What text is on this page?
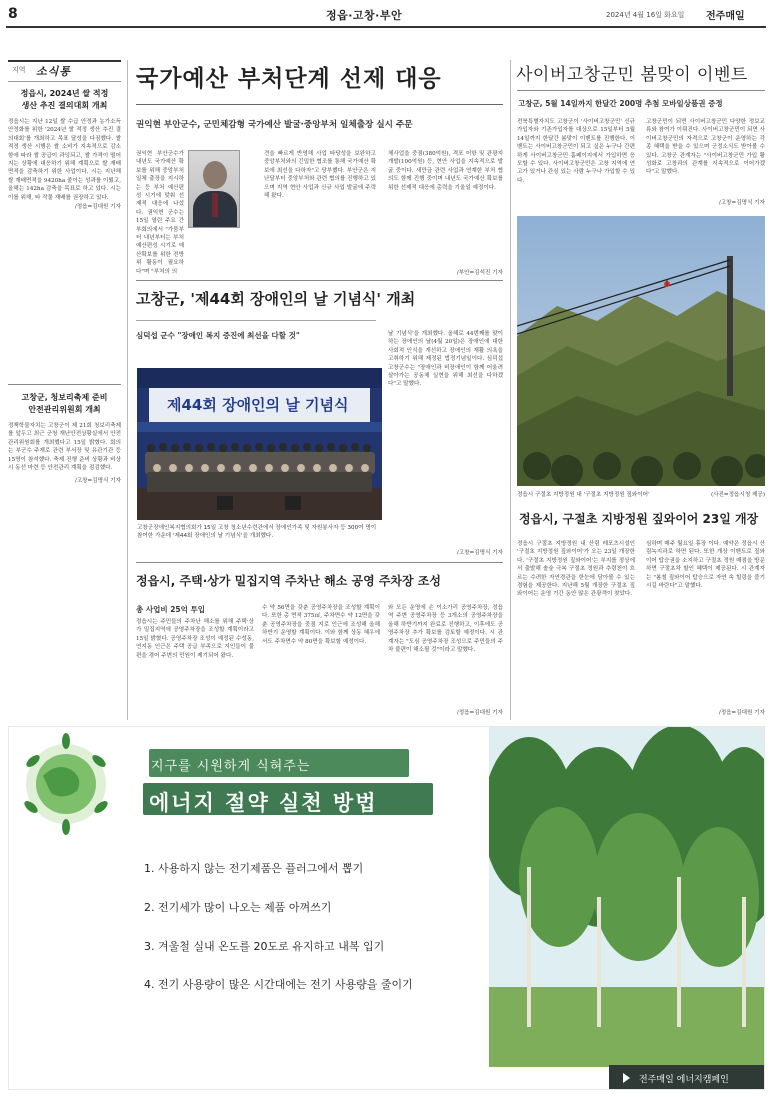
8	정읍·고창·부안	2024년 4월 16일 화요일 전주매일
지역 소식통
정읍시, 2024년 쌀 적정
생산 추진 결의대회 개최
정읍시는 지난 12일 쌀 수급 안정과 농가소득 안정화를 위한 '2024년 쌀 적정 생산 추진 결의대회'를 개최하고 목표 달성을 다짐했다. 쌀 적정 생산 시행은 쌀 소비가 지속적으로 감소함에 따라 쌀 공급이 과잉되고, 쌀 가격이 떨어지는 상황에 대응하기 위해 계획으로 쌀 재배면적을 감축하기 위한 사업이다. 시는 지난해 쌀 재배면적을 9420ha 줄이는 성과를 이뤘고, 올해는 142ha 감축을 목표로 하고 있다. 시는 이를 위해, 타 작물 재배를 권장하고 있다.
/정읍=김대원 기자
고창군, 청보리축제 준비
안전관리위원회 개최
정책학물자치는 고창군이 제 21회 청보리축제를 앞두고 최근 군청 재난안전상황실에서 안전관리위원회를 개최했다고 15일 밝혔다. 회의는 부군수 주재로 관련 부서장 및 유관기관 등 15명이 참석했다. 축제 진행 준비 상황과 비상 시 동선 마련 등 안전관리 계획을 점검했다.
/고창=김명식 기자
국가예산 부처단계 선제 대응
권익현 부안군수, 군민체감형 국가예산 발굴·중앙부처 일체출장 실시 주문
권익현 부안군수가 내년도 국가예산 확보를 위해 중앙부처 일체 출장을 지시하는 등 부처 예산편성 시기에 맞춰 선제적 대응에 나섰다. 권익현 군수는 15일 열린 주요 간부회의에서 "가뭄부터 내년부터는 부처 예산편성 시기로 예산확보를 위한 전방위 활동이 필요하다"며 "부처의 의
견을 빠르게 반영해 사업 타당성을 보완하고 중앙부처와의 긴밀한 협조를 통해 국가예산 확보에 최선을 다하자"고 당부했다. 부안군은 지난달부터 중앙부처와 관련 협의를 진행하고 있으며 지역 현안 사업과 신규 사업 발굴에 주력해 왔다.
체사업을 중점(380억원), 격포 어항 및 관광지 개발(100억원) 등, 현안 사업을 지속적으로 발굴 중이다. 새만금 관련 사업과 연계한 부처 협의도 함께 진행 중이며 내년도 국가예산 확보를 위한 선제적 대응에 총력을 기울일 예정이다.
/부안=김석진 기자
고창군, '제44회 장애인의 날 기념식' 개최
심덕섭 군수 "장애인 복지 증진에 최선을 다할 것"
제44회 장애인의 날 기념식
고창군장애인복지협의회가 15일 고창 청소년수련관에서 장애인가족 및 자원봉사자 등 300여 명이 참여한 가운데 '제44회 장애인의 날 기념식'을 개최했다.
날 기념식'을 개최했다. 올해로 44번째를 맞이하는 장애인의 날(4월 20일)은 장애인에 대한 사회적 인식을 개선하고 장애인의 재활 의욕을 고취하기 위해 제정된 법정기념일이다. 심덕섭 고창군수는 "장애인과 비장애인이 함께 어울려 살아가는 공동체 실현을 위해 최선을 다하겠다"고 말했다.
/고창=김명식 기자
정읍시, 주택·상가 밀집지역 주차난 해소 공영 주차장 조성
총 사업비 25억 투입
정읍시는 주민들의 주차난 해소를 위해 주택·상가 밀집지역에 공영주차장을 조성할 계획이라고 15일 밝혔다. 공영주차장 조성이 예정된 수성동, 연지동 인근은 주택 공급 부족으로 지인들이 불편을 겪어 주변의 민원이 제기되어 왔다.
수 약 56면을 갖춘 공영주차장을 조성할 계획이다. 또한 총 면적 375㎡, 주차면수 약 12면을 갖춘 공영주차장을 중점 지로 인근에 조성해 올해 하반기 운영할 계획이다. 이와 함께 상동 혜우에서도 주차면수 약 80면을 확보할 예정이다.
와 모든 운영에 손 이소가리 공영주차장, 정읍역 주변 공영주차장 등 3개소의 공영주차장을 올해 하반기까지 완료로 진행하고, 이후에도 공영주차장 추가 확보를 검토할 예정이다. 시 관계자는 "도심 공영주차장 조성으로 주민들의 주차 불편이 해소될 것"이라고 말했다.
/정읍=김대원 기자
사이버고창군민 봄맞이 이벤트
고창군, 5월 14일까지 한달간 200명 추첨 모바일상품권 증정
전북특별자치도 고창군이 '사이버고창군민' 신규가입자와 기존가입자를 대상으로 15일부터 5월 14일까지 한달간 봄맞이 이벤트를 진행한다. 이벤트는 사이버고창군민이 되고 싶은 누구나 간편하게 사이버고창군민 홈페이지에서 가입하면 응모할 수 있다. 사이버고창군민은 고창 지역에 연고가 있거나 관심 있는 사람 누구나 가입할 수 있다.
고창군민이 되면 사이버고창군민 다양한 정보교류와 참여가 이뤄진다. 사이버고창군민이 되면 사이버고창군민의 자격으로 고창군이 운영하는 각종 혜택을 받을 수 있으며 군정소식도 받아볼 수 있다. 고창군 관계자는 "사이버고창군민 가입 활성화로 고창과의 관계를 지속적으로 이어가겠다"고 말했다.
/고창=김명식 기자
정읍시 구절초 지방정원 내 '구절초 지방정원 짚와이어'	(사진=정읍시청 제공)
정읍시, 구절초 지방정원 짚와이어 23일 개장
정읍시 구절초 지방정원 내 산림 레포츠시설인 '구절초 지방정원 짚와이어'가 오는 23일 개장한다. '구절초 지방정원 짚와이어'는 부지를 정상에서 출발해 솔숲 극복 구절초 정원과 추령천이 흐르는 수려한 자연경관을 한눈에 담아볼 수 있는 경험을 제공한다. 지난해 5월 개장한 구절초 짚와이어는 운영 기간 동안 많은 관광객이 찾았다.
심하며 매주 월요일 휴장 이다. 예약은 정읍시 산림녹지과로 하면 된다. 또한 개장 이벤트로 짚와이어 탑승권을 소지하고 구절초 정원 매점을 방문하면 구절초차 할인 혜택이 제공된다. 시 관계자는 "봄철 짚와이어 탑승으로 자연 속 힐링을 즐기시길 바란다"고 말했다.
/정읍=김대원 기자
지구를 시원하게 식혀주는
에너지 절약 실천 방법
1. 사용하지 않는 전기제품은 플러그에서 뽑기
2. 전기세가 많이 나오는 제품 아껴쓰기
3. 겨울철 실내 온도를 20도로 유지하고 내복 입기
4. 전기 사용량이 많은 시간대에는 전기 사용량을 줄이기
전주매일 에너지캠페인
